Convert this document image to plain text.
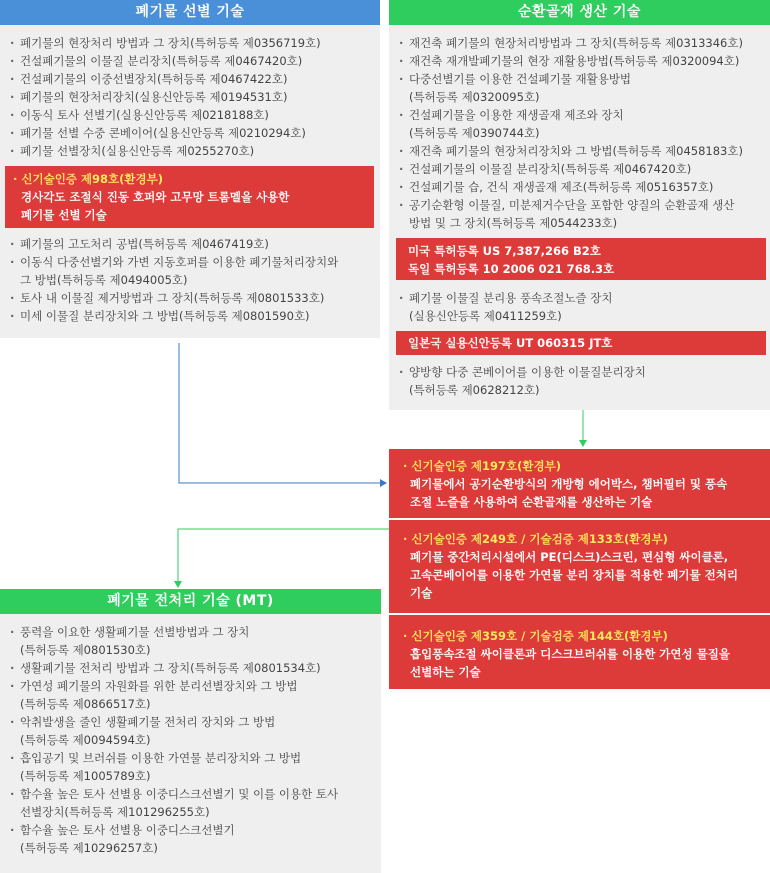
폐기물 선별 기술
· 폐기물의 현장처리 방법과 그 장치(특허등록 제0356719호)
· 건설폐기물의 이물질 분리장치(특허등록 제0467420호)
· 건설폐기물의 이중선별장치(특허등록 제0467422호)
· 폐기물의 현장처리장치(실용신안등록 제0194531호)
· 이동식 토사 선별기(실용신안등록 제0218188호)
· 폐기물 선별 수중 콘베이어(실용신안등록 제0210294호)
· 폐기물 선별장치(실용신안등록 제0255270호)
· 신기술인증 제98호(환경부)
경사각도 조절식 진동 호퍼와 고무망 트롬멜을 사용한
폐기물 선별 기술
· 폐기물의 고도처리 공법(특허등록 제0467419호)
· 이동식 다중선별기와 가변 지동호퍼를 이용한 폐기물처리장치와
그 방법(특허등록 제0494005호)
· 토사 내 이물질 제거방법과 그 장치(특허등록 제0801533호)
· 미세 이물질 분리장치와 그 방법(특허등록 제0801590호)
순환골재 생산 기술
· 재건축 폐기물의 현장처리방법과 그 장치(특허등록 제0313346호)
· 재건축 재개발폐기물의 현장 재활용방법(특허등록 제0320094호)
· 다중선별기를 이용한 건설폐기물 재활용방법
(특허등록 제0320095호)
· 건설폐기물을 이용한 재생골재 제조와 장치
(특허등록 제0390744호)
· 재건축 폐기물의 현장처리장치와 그 방법(특허등록 제0458183호)
· 건설폐기물의 이물질 분리장치(특허등록 제0467420호)
· 건설폐기물 습, 건식 재생골재 제조(특허등록 제0516357호)
· 공기순환형 이물질, 미분제거수단을 포함한 양질의 순환골재 생산
방법 및 그 장치(특허등록 제0544233호)
미국 특허등록 US 7,387,266 B2호
독일 특허등록 10 2006 021 768.3호
· 폐기물 이물질 분리용 풍속조절노즐 장치
(실용신안등록 제0411259호)
일본국 실용신안등록 UT 060315 JT호
· 양방향 다중 콘베이어를 이용한 이물질분리장치
(특허등록 제0628212호)
· 신기술인증 제197호(환경부)
폐기물에서 공기순환방식의 개방형 에어박스, 챔버필터 및 풍속
조절 노즐을 사용하여 순환골재를 생산하는 기술
· 신기술인증 제249호 / 기술검증 제133호(환경부)
폐기물 중간처리시설에서 PE(디스크)스크린, 편심형 싸이클론,
고속콘베이어를 이용한 가연물 분리 장치를 적용한 폐기물 전처리
기술
· 신기술인증 제359호 / 기술검증 제144호(환경부)
흡입풍속조절 싸이클론과 디스크브러쉬를 이용한 가연성 물질을
선별하는 기술
폐기물 전처리 기술 (MT)
· 풍력을 이요한 생활폐기물 선별방법과 그 장치
(특허등록 제0801530호)
· 생활폐기물 전처리 방법과 그 장치(특허등록 제0801534호)
· 가연성 폐기물의 자원화를 위한 분리선별장치와 그 방법
(특허등록 제0866517호)
· 악취발생을 줄인 생활폐기물 전처리 장치와 그 방법
(특허등록 제0094594호)
· 흡입공기 및 브러쉬를 이용한 가연물 분리장치와 그 방법
(특허등록 제1005789호)
· 함수율 높은 토사 선별용 이중디스크선별기 및 이를 이용한 토사
선별장치(특허등록 제101296255호)
· 함수율 높은 토사 선별용 이중디스크선별기
(특허등록 제10296257호)
